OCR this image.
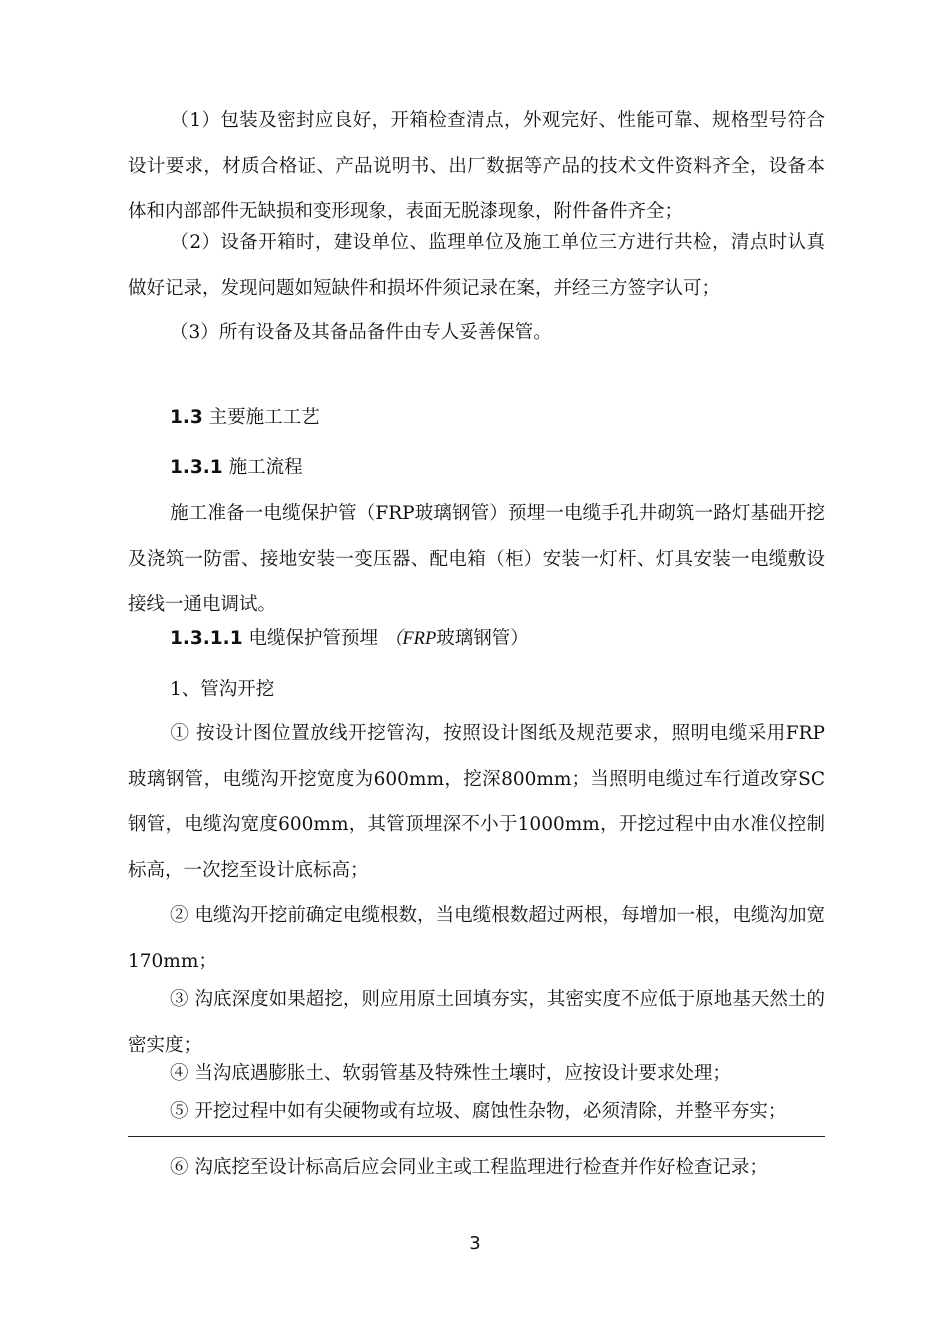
（1）包装及密封应良好，开箱检查清点，外观完好、性能可靠、规格型号符合设计要求，材质合格证、产品说明书、出厂数据等产品的技术文件资料齐全，设备本体和内部部件无缺损和变形现象，表面无脱漆现象，附件备件齐全；

（2）设备开箱时，建设单位、监理单位及施工单位三方进行共检，清点时认真做好记录，发现问题如短缺件和损坏件须记录在案，并经三方签字认可；

（3）所有设备及其备品备件由专人妥善保管。

1.3 主要施工工艺
1.3.1 施工流程

施工准备一电缆保护管（FRP玻璃钢管）预埋一电缆手孔井砌筑一路灯基础开挖及浇筑一防雷、接地安装一变压器、配电箱（柜）安装一灯杆、灯具安装一电缆敷设接线一通电调试。

1.3.1.1 电缆保护管预埋 （FRP玻璃钢管）
1、管沟开挖

① 按设计图位置放线开挖管沟，按照设计图纸及规范要求，照明电缆采用FRP玻璃钢管，电缆沟开挖宽度为600mm，挖深800mm；当照明电缆过车行道改穿SC钢管，电缆沟宽度600mm，其管顶埋深不小于1000mm，开挖过程中由水准仪控制标高，一次挖至设计底标高；

② 电缆沟开挖前确定电缆根数，当电缆根数超过两根，每增加一根，电缆沟加宽170mm；

③ 沟底深度如果超挖，则应用原土回填夯实，其密实度不应低于原地基天然土的密实度；

④ 当沟底遇膨胀土、软弱管基及特殊性土壤时，应按设计要求处理；

⑤ 开挖过程中如有尖硬物或有垃圾、腐蚀性杂物，必须清除，并整平夯实；

⑥ 沟底挖至设计标高后应会同业主或工程监理进行检查并作好检查记录；

3
